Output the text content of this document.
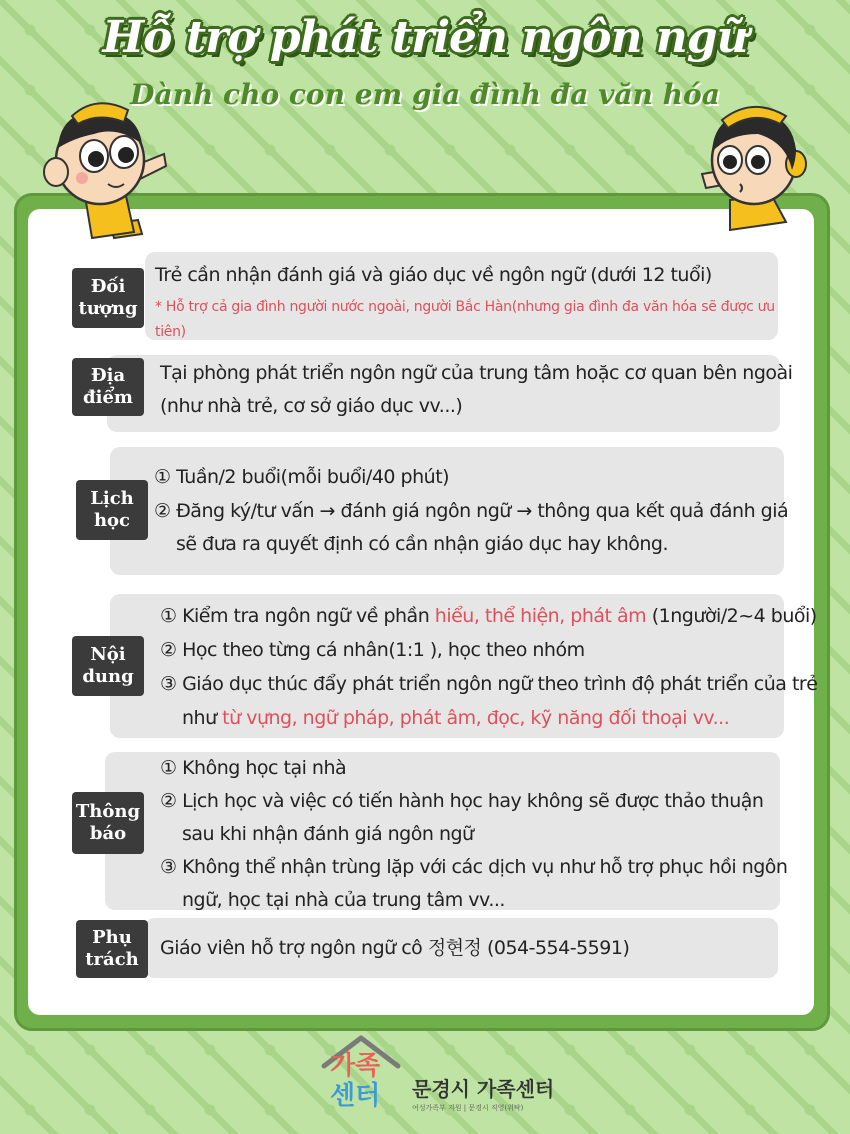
Hỗ trợ phát triển ngôn ngữ
Dành cho con em gia đình đa văn hóa
Đối
tượng
Trẻ cần nhận đánh giá và giáo dục về ngôn ngữ (dưới 12 tuổi)
* Hỗ trợ cả gia đình người nước ngoài, người Bắc Hàn(nhưng gia đình đa văn hóa sẽ được ưu
tiên)
Địa
điểm
Tại phòng phát triển ngôn ngữ của trung tâm hoặc cơ quan bên ngoài
(như nhà trẻ, cơ sở giáo dục vv...)
Lịch
học
① Tuần/2 buổi(mỗi buổi/40 phút)
② Đăng ký/tư vấn → đánh giá ngôn ngữ → thông qua kết quả đánh giá
sẽ đưa ra quyết định có cần nhận giáo dục hay không.
Nội
dung
① Kiểm tra ngôn ngữ về phần hiểu, thể hiện, phát âm (1người/2~4 buổi)
② Học theo từng cá nhân(1:1 ), học theo nhóm
③ Giáo dục thúc đẩy phát triển ngôn ngữ theo trình độ phát triển của trẻ
như từ vựng, ngữ pháp, phát âm, đọc, kỹ năng đối thoại vv...
Thông
báo
① Không học tại nhà
② Lịch học và việc có tiến hành học hay không sẽ được thảo thuận
sau khi nhận đánh giá ngôn ngữ
③ Không thể nhận trùng lặp với các dịch vụ như hỗ trợ phục hồi ngôn
ngữ, học tại nhà của trung tâm vv...
Phụ
trách
Giáo viên hỗ trợ ngôn ngữ cô 정현정 (054-554-5591)
가족
센터 문경시 가족센터
여성가족부 지원 | 문경시 직영(위탁)
